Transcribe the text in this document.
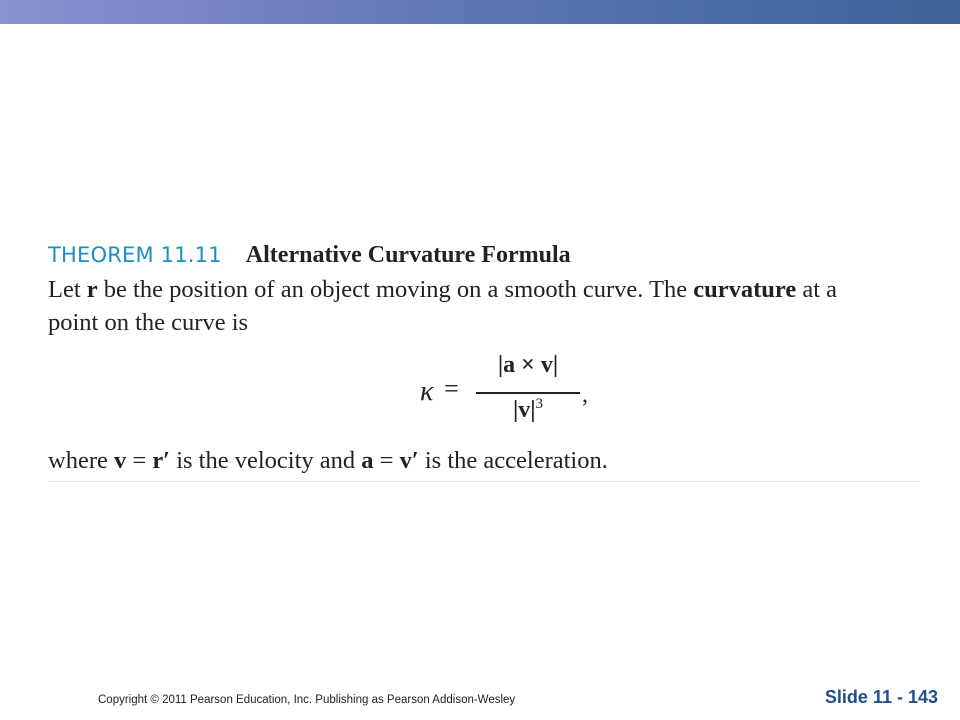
THEOREM 11.11 Alternative Curvature Formula
Let r be the position of an object moving on a smooth curve. The curvature at a
point on the curve is
κ =
|a × v|
$|v|^3$	,
where v = r′ is the velocity and a = v′ is the acceleration.
Copyright © 2011 Pearson Education, Inc. Publishing as Pearson Addison-Wesley	Slide 11 - 143
